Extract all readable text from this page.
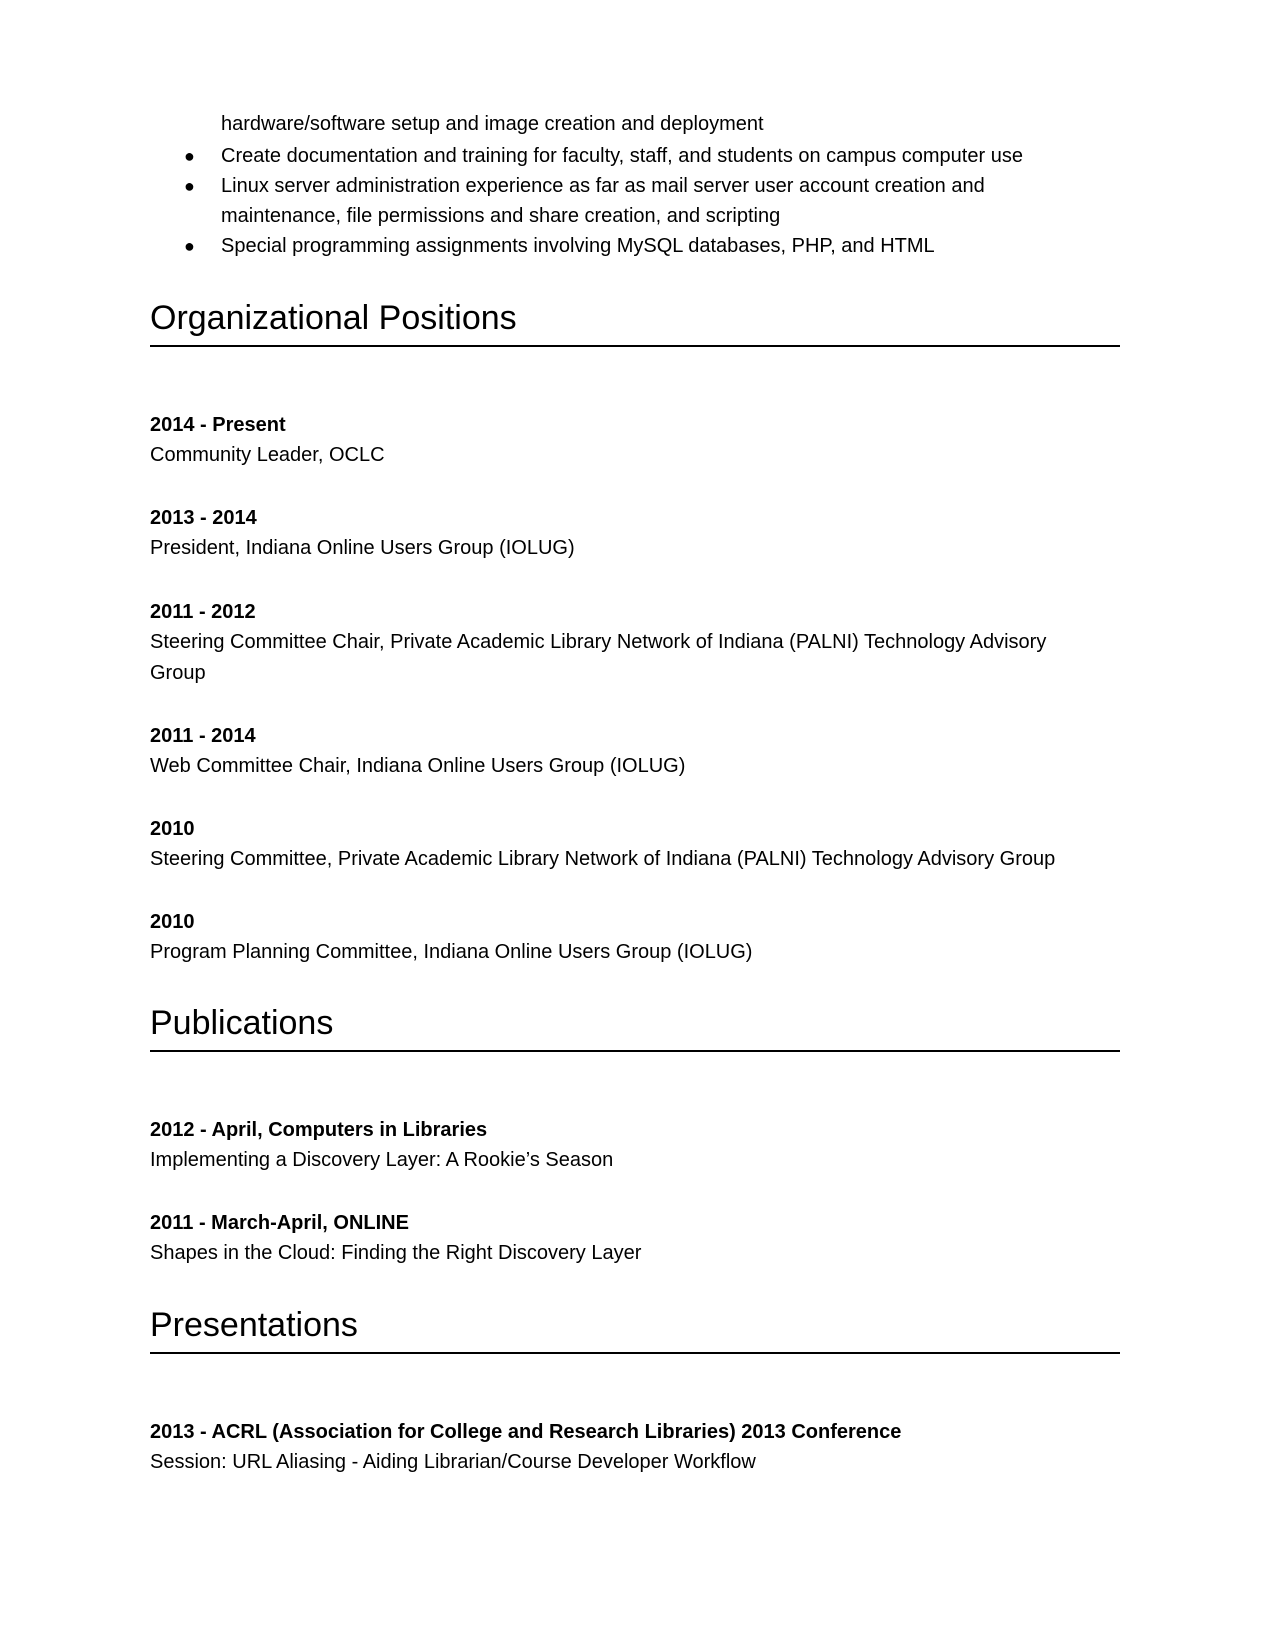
hardware/software setup and image creation and deployment
●	Create documentation and training for faculty, staff, and students on campus computer use
●	Linux server administration experience as far as mail server user account creation and
maintenance, file permissions and share creation, and scripting
●	Special programming assignments involving MySQL databases, PHP, and HTML
Organizational Positions
2014 - Present
Community Leader, OCLC
2013 - 2014
President, Indiana Online Users Group (IOLUG)
2011 - 2012
Steering Committee Chair, Private Academic Library Network of Indiana (PALNI) Technology Advisory Group
2011 - 2014
Web Committee Chair, Indiana Online Users Group (IOLUG)
2010
Steering Committee, Private Academic Library Network of Indiana (PALNI) Technology Advisory Group
2010
Program Planning Committee, Indiana Online Users Group (IOLUG)
Publications
2012 - April, Computers in Libraries
Implementing a Discovery Layer: A Rookie’s Season
2011 - March-April, ONLINE
Shapes in the Cloud: Finding the Right Discovery Layer
Presentations
2013 - ACRL (Association for College and Research Libraries) 2013 Conference
Session: URL Aliasing - Aiding Librarian/Course Developer Workflow
